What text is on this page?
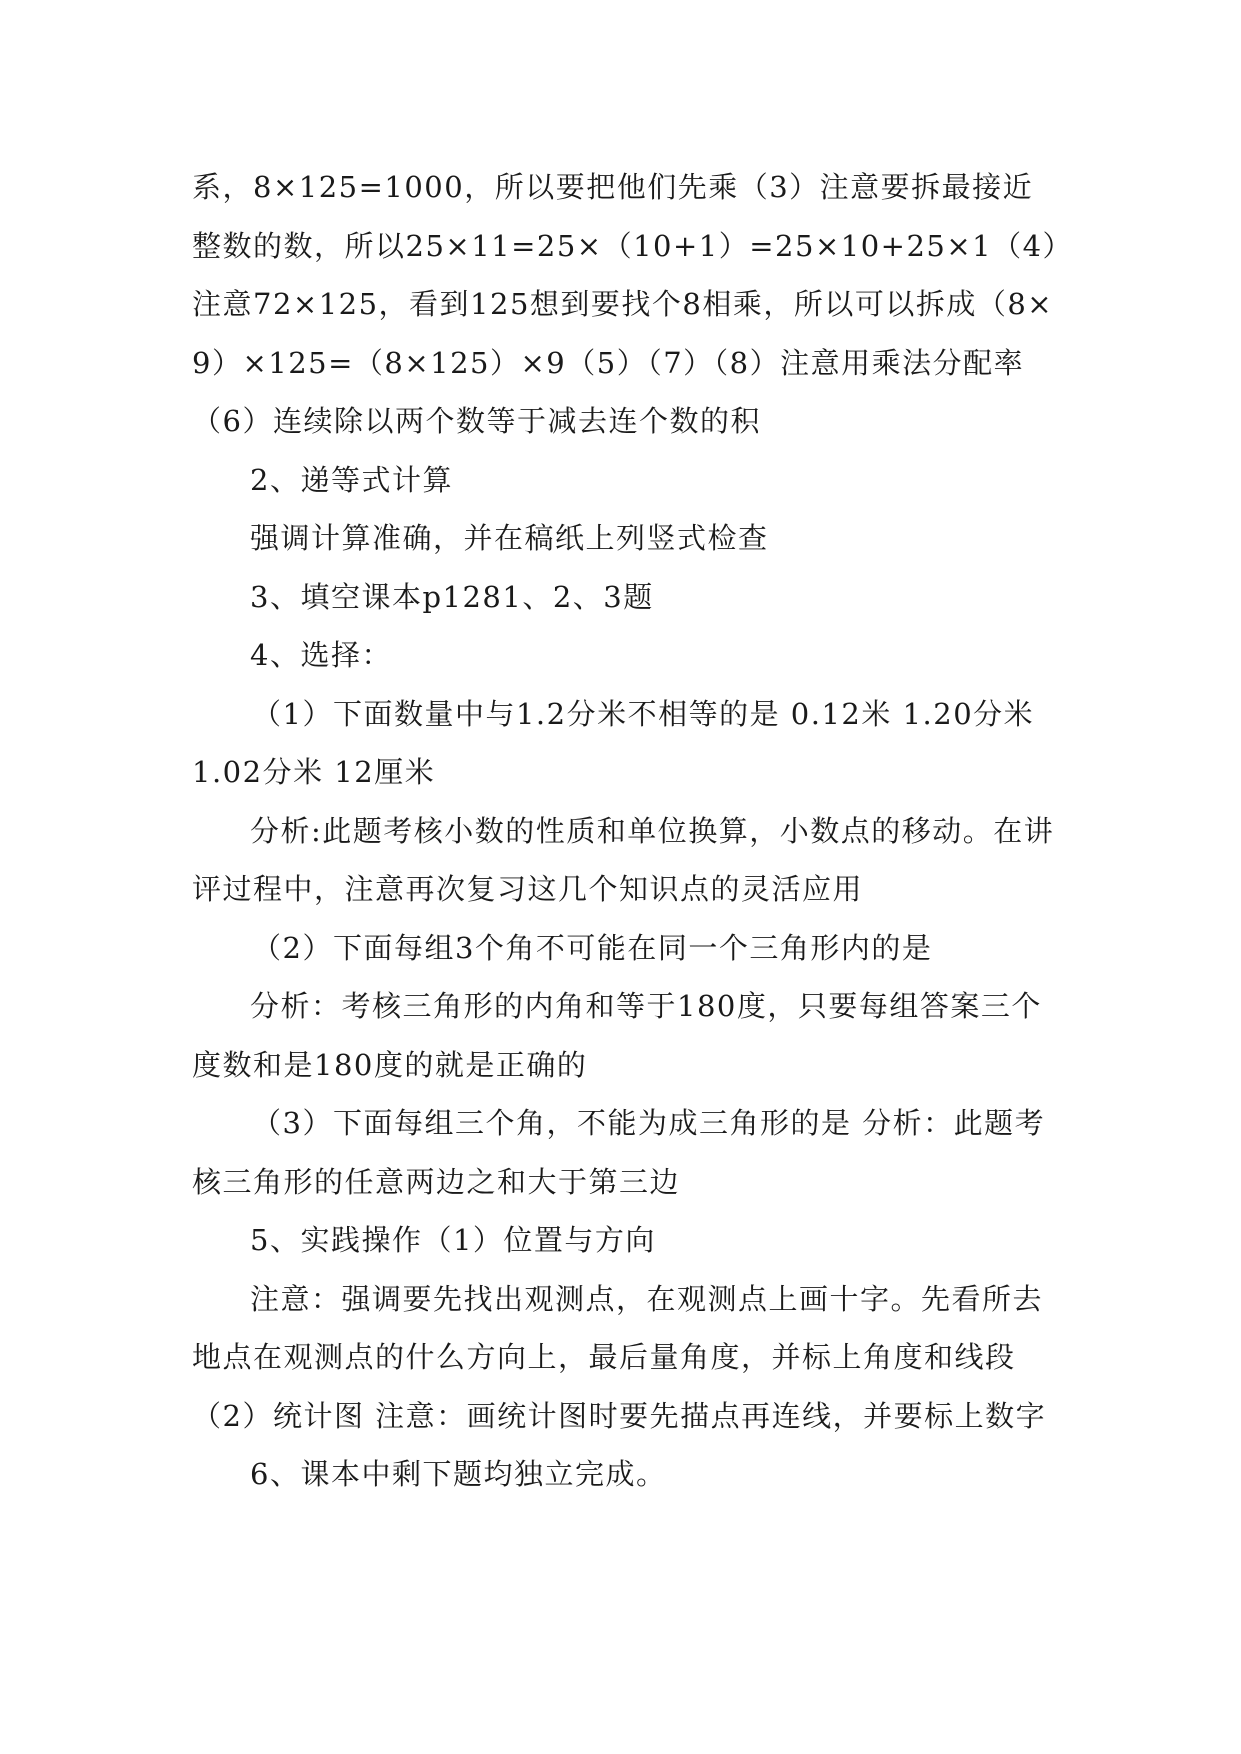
系，8×125=1000，所以要把他们先乘（3）注意要拆最接近整数的数，所以25×11=25×（10+1）=25×10+25×1（4）注意72×125，看到125想到要找个8相乘，所以可以拆成（8×9）×125=（8×125）×9（5）（7）（8）注意用乘法分配率（6）连续除以两个数等于减去连个数的积

2、递等式计算

强调计算准确，并在稿纸上列竖式检查

3、填空课本p1281、2、3题

4、选择：

（1）下面数量中与1.2分米不相等的是 0.12米 1.20分米 1.02分米 12厘米

分析:此题考核小数的性质和单位换算，小数点的移动。在讲评过程中，注意再次复习这几个知识点的灵活应用

（2）下面每组3个角不可能在同一个三角形内的是

分析：考核三角形的内角和等于180度，只要每组答案三个度数和是180度的就是正确的

（3）下面每组三个角，不能为成三角形的是 分析：此题考核三角形的任意两边之和大于第三边

5、实践操作（1）位置与方向

注意：强调要先找出观测点，在观测点上画十字。先看所去地点在观测点的什么方向上，最后量角度，并标上角度和线段（2）统计图 注意：画统计图时要先描点再连线，并要标上数字

6、课本中剩下题均独立完成。
